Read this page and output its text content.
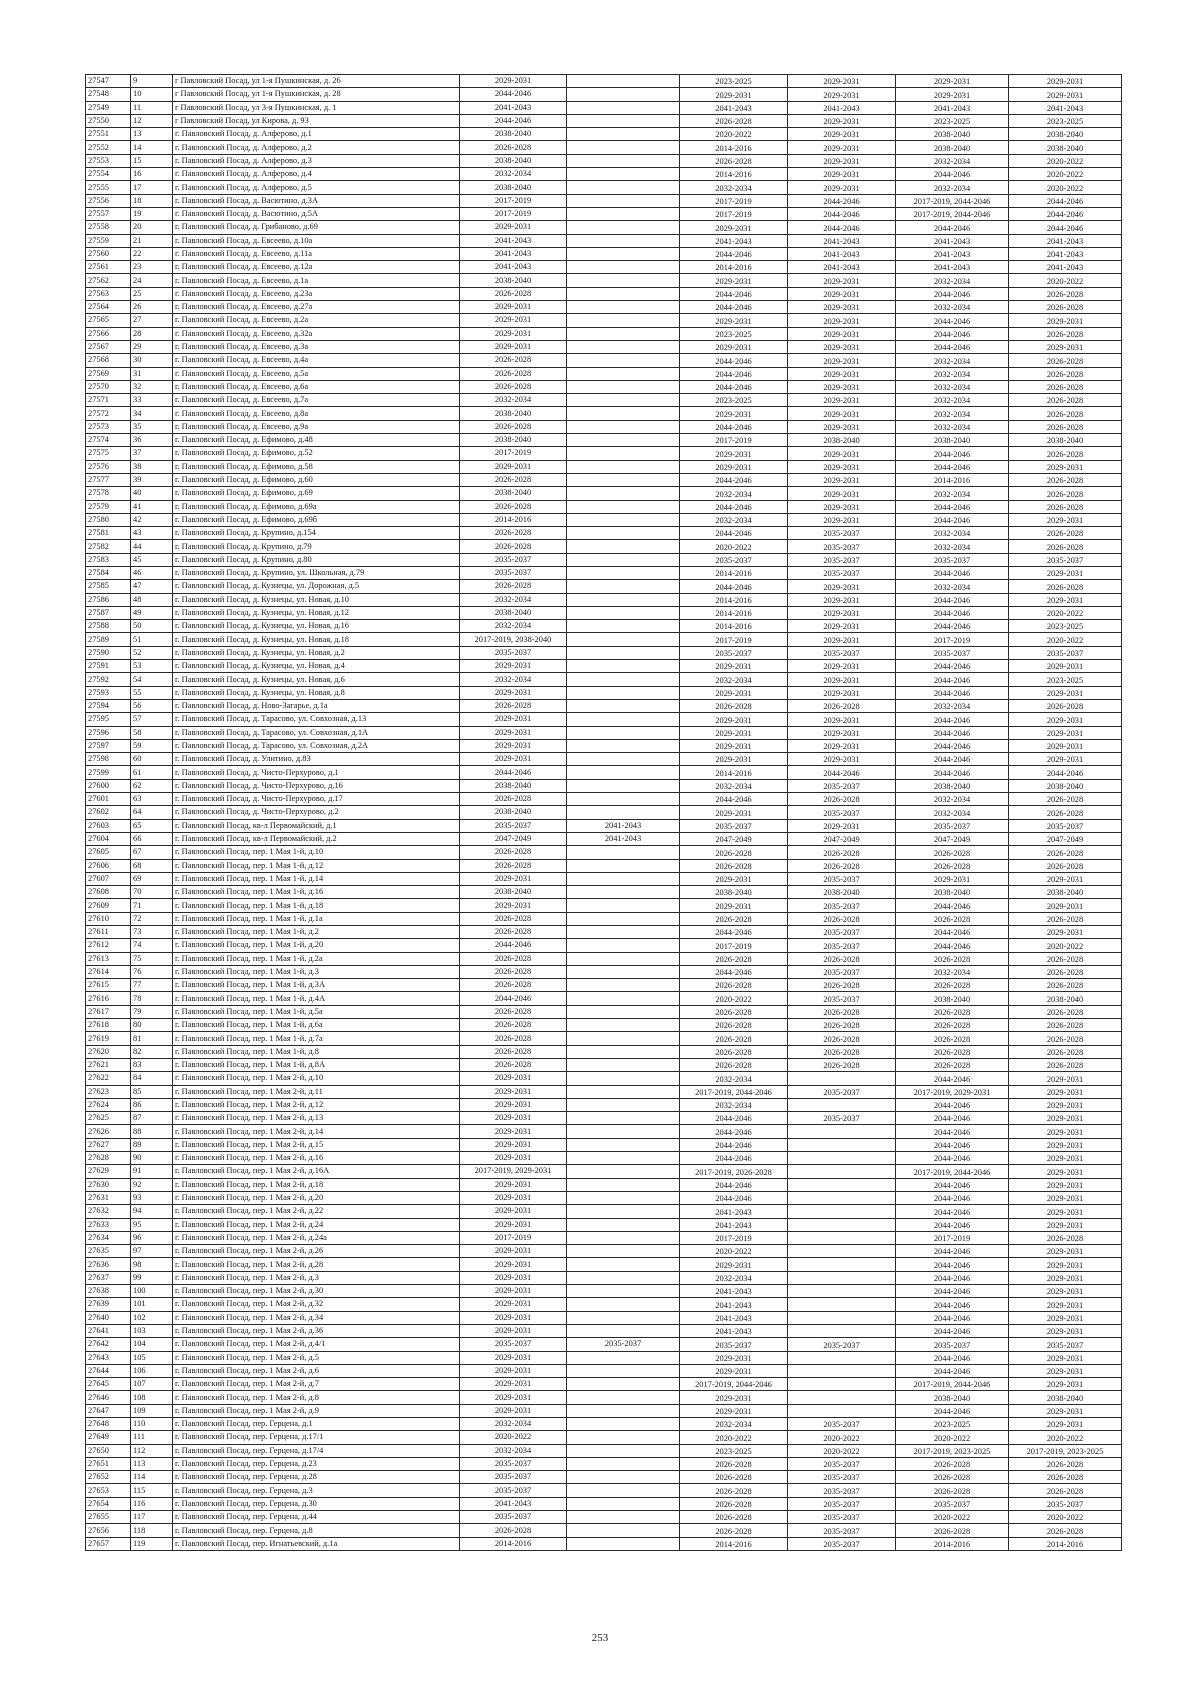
27547	9	г Павловский Посад, ул 1-я Пушкинская, д. 26	2029-2031		2023-2025	2029-2031	2029-2031	2029-2031
27548	10	г Павловский Посад, ул 1-я Пушкинская, д. 28	2044-2046		2029-2031	2029-2031	2029-2031	2029-2031
27549	11	г Павловский Посад, ул 3-я Пушкинская, д. 1	2041-2043		2041-2043	2041-2043	2041-2043	2041-2043
27550	12	г Павловский Посад, ул Кирова, д. 93	2044-2046		2026-2028	2029-2031	2023-2025	2023-2025
27551	13	г. Павловский Посад, д. Алферово, д.1	2038-2040		2020-2022	2029-2031	2038-2040	2038-2040
27552	14	г. Павловский Посад, д. Алферово, д.2	2026-2028		2014-2016	2029-2031	2038-2040	2038-2040
27553	15	г. Павловский Посад, д. Алферово, д.3	2038-2040		2026-2028	2029-2031	2032-2034	2020-2022
27554	16	г. Павловский Посад, д. Алферово, д.4	2032-2034		2014-2016	2029-2031	2044-2046	2020-2022
27555	17	г. Павловский Посад, д. Алферово, д.5	2038-2040		2032-2034	2029-2031	2032-2034	2020-2022
27556	18	г. Павловский Посад, д. Васютино, д.3А	2017-2019		2017-2019	2044-2046	2017-2019, 2044-2046	2044-2046
27557	19	г. Павловский Посад, д. Васютино, д.5А	2017-2019		2017-2019	2044-2046	2017-2019, 2044-2046	2044-2046
27558	20	г. Павловский Посад, д. Грибаново, д.69	2029-2031		2029-2031	2044-2046	2044-2046	2044-2046
27559	21	г. Павловский Посад, д. Евсеево, д.10а	2041-2043		2041-2043	2041-2043	2041-2043	2041-2043
27560	22	г. Павловский Посад, д. Евсеево, д.11а	2041-2043		2044-2046	2041-2043	2041-2043	2041-2043
27561	23	г. Павловский Посад, д. Евсеево, д.12а	2041-2043		2014-2016	2041-2043	2041-2043	2041-2043
27562	24	г. Павловский Посад, д. Евсеево, д.1а	2038-2040		2029-2031	2029-2031	2032-2034	2020-2022
27563	25	г. Павловский Посад, д. Евсеево, д.23а	2026-2028		2044-2046	2029-2031	2044-2046	2026-2028
27564	26	г. Павловский Посад, д. Евсеево, д.27а	2029-2031		2044-2046	2029-2031	2032-2034	2026-2028
27565	27	г. Павловский Посад, д. Евсеево, д.2а	2029-2031		2029-2031	2029-2031	2044-2046	2029-2031
27566	28	г. Павловский Посад, д. Евсеево, д.32а	2029-2031		2023-2025	2029-2031	2044-2046	2026-2028
27567	29	г. Павловский Посад, д. Евсеево, д.3а	2029-2031		2029-2031	2029-2031	2044-2046	2029-2031
27568	30	г. Павловский Посад, д. Евсеево, д.4а	2026-2028		2044-2046	2029-2031	2032-2034	2026-2028
27569	31	г. Павловский Посад, д. Евсеево, д.5а	2026-2028		2044-2046	2029-2031	2032-2034	2026-2028
27570	32	г. Павловский Посад, д. Евсеево, д.6а	2026-2028		2044-2046	2029-2031	2032-2034	2026-2028
27571	33	г. Павловский Посад, д. Евсеево, д.7а	2032-2034		2023-2025	2029-2031	2032-2034	2026-2028
27572	34	г. Павловский Посад, д. Евсеево, д.8а	2038-2040		2029-2031	2029-2031	2032-2034	2026-2028
27573	35	г. Павловский Посад, д. Евсеево, д.9а	2026-2028		2044-2046	2029-2031	2032-2034	2026-2028
27574	36	г. Павловский Посад, д. Ефимово, д.48	2038-2040		2017-2019	2038-2040	2038-2040	2038-2040
27575	37	г. Павловский Посад, д. Ефимово, д.52	2017-2019		2029-2031	2029-2031	2044-2046	2026-2028
27576	38	г. Павловский Посад, д. Ефимово, д.58	2029-2031		2029-2031	2029-2031	2044-2046	2029-2031
27577	39	г. Павловский Посад, д. Ефимово, д.60	2026-2028		2044-2046	2029-2031	2014-2016	2026-2028
27578	40	г. Павловский Посад, д. Ефимово, д.69	2038-2040		2032-2034	2029-2031	2032-2034	2026-2028
27579	41	г. Павловский Посад, д. Ефимово, д.69а	2026-2028		2044-2046	2029-2031	2044-2046	2026-2028
27580	42	г. Павловский Посад, д. Ефимово, д.69б	2014-2016		2032-2034	2029-2031	2044-2046	2029-2031
27581	43	г. Павловский Посад, д. Крупино, д.154	2026-2028		2044-2046	2035-2037	2032-2034	2026-2028
27582	44	г. Павловский Посад, д. Крупино, д.79	2026-2028		2020-2022	2035-2037	2032-2034	2026-2028
27583	45	г. Павловский Посад, д. Крупино, д.80	2035-2037		2035-2037	2035-2037	2035-2037	2035-2037
27584	46	г. Павловский Посад, д. Крупино, ул. Школьная, д.79	2035-2037		2014-2016	2035-2037	2044-2046	2029-2031
27585	47	г. Павловский Посад, д. Кузнецы, ул. Дорожная, д.5	2026-2028		2044-2046	2029-2031	2032-2034	2026-2028
27586	48	г. Павловский Посад, д. Кузнецы, ул. Новая, д.10	2032-2034		2014-2016	2029-2031	2044-2046	2029-2031
27587	49	г. Павловский Посад, д. Кузнецы, ул. Новая, д.12	2038-2040		2014-2016	2029-2031	2044-2046	2020-2022
27588	50	г. Павловский Посад, д. Кузнецы, ул. Новая, д.16	2032-2034		2014-2016	2029-2031	2044-2046	2023-2025
27589	51	г. Павловский Посад, д. Кузнецы, ул. Новая, д.18	2017-2019, 2038-2040		2017-2019	2029-2031	2017-2019	2020-2022
27590	52	г. Павловский Посад, д. Кузнецы, ул. Новая, д.2	2035-2037		2035-2037	2035-2037	2035-2037	2035-2037
27591	53	г. Павловский Посад, д. Кузнецы, ул. Новая, д.4	2029-2031		2029-2031	2029-2031	2044-2046	2029-2031
27592	54	г. Павловский Посад, д. Кузнецы, ул. Новая, д.6	2032-2034		2032-2034	2029-2031	2044-2046	2023-2025
27593	55	г. Павловский Посад, д. Кузнецы, ул. Новая, д.8	2029-2031		2029-2031	2029-2031	2044-2046	2029-2031
27594	56	г. Павловский Посад, д. Ново-Загарье, д.1а	2026-2028		2026-2028	2026-2028	2032-2034	2026-2028
27595	57	г. Павловский Посад, д. Тарасово, ул. Совхозная, д.13	2029-2031		2029-2031	2029-2031	2044-2046	2029-2031
27596	58	г. Павловский Посад, д. Тарасово, ул. Совхозная, д.1А	2029-2031		2029-2031	2029-2031	2044-2046	2029-2031
27597	59	г. Павловский Посад, д. Тарасово, ул. Совхозная, д.2А	2029-2031		2029-2031	2029-2031	2044-2046	2029-2031
27598	60	г. Павловский Посад, д. Улитино, д.83	2029-2031		2029-2031	2029-2031	2044-2046	2029-2031
27599	61	г. Павловский Посад, д. Чисто-Перхурово, д.1	2044-2046		2014-2016	2044-2046	2044-2046	2044-2046
27600	62	г. Павловский Посад, д. Чисто-Перхурово, д.16	2038-2040		2032-2034	2035-2037	2038-2040	2038-2040
27601	63	г. Павловский Посад, д. Чисто-Перхурово, д.17	2026-2028		2044-2046	2026-2028	2032-2034	2026-2028
27602	64	г. Павловский Посад, д. Чисто-Перхурово, д.2	2038-2040		2029-2031	2035-2037	2032-2034	2026-2028
27603	65	г. Павловский Посад, кв-л Первомайский, д.1	2035-2037	2041-2043	2035-2037	2029-2031	2035-2037	2035-2037
27604	66	г. Павловский Посад, кв-л Первомайский, д.2	2047-2049	2041-2043	2047-2049	2047-2049	2047-2049	2047-2049
27605	67	г. Павловский Посад, пер. 1 Мая 1-й, д.10	2026-2028		2026-2028	2026-2028	2026-2028	2026-2028
27606	68	г. Павловский Посад, пер. 1 Мая 1-й, д.12	2026-2028		2026-2028	2026-2028	2026-2028	2026-2028
27607	69	г. Павловский Посад, пер. 1 Мая 1-й, д.14	2029-2031		2029-2031	2035-2037	2029-2031	2029-2031
27608	70	г. Павловский Посад, пер. 1 Мая 1-й, д.16	2038-2040		2038-2040	2038-2040	2038-2040	2038-2040
27609	71	г. Павловский Посад, пер. 1 Мая 1-й, д.18	2029-2031		2029-2031	2035-2037	2044-2046	2029-2031
27610	72	г. Павловский Посад, пер. 1 Мая 1-й, д.1а	2026-2028		2026-2028	2026-2028	2026-2028	2026-2028
27611	73	г. Павловский Посад, пер. 1 Мая 1-й, д.2	2026-2028		2044-2046	2035-2037	2044-2046	2029-2031
27612	74	г. Павловский Посад, пер. 1 Мая 1-й, д.20	2044-2046		2017-2019	2035-2037	2044-2046	2020-2022
27613	75	г. Павловский Посад, пер. 1 Мая 1-й, д.2а	2026-2028		2026-2028	2026-2028	2026-2028	2026-2028
27614	76	г. Павловский Посад, пер. 1 Мая 1-й, д.3	2026-2028		2044-2046	2035-2037	2032-2034	2026-2028
27615	77	г. Павловский Посад, пер. 1 Мая 1-й, д.3А	2026-2028		2026-2028	2026-2028	2026-2028	2026-2028
27616	78	г. Павловский Посад, пер. 1 Мая 1-й, д.4А	2044-2046		2020-2022	2035-2037	2038-2040	2038-2040
27617	79	г. Павловский Посад, пер. 1 Мая 1-й, д.5а	2026-2028		2026-2028	2026-2028	2026-2028	2026-2028
27618	80	г. Павловский Посад, пер. 1 Мая 1-й, д.6а	2026-2028		2026-2028	2026-2028	2026-2028	2026-2028
27619	81	г. Павловский Посад, пер. 1 Мая 1-й, д.7а	2026-2028		2026-2028	2026-2028	2026-2028	2026-2028
27620	82	г. Павловский Посад, пер. 1 Мая 1-й, д.8	2026-2028		2026-2028	2026-2028	2026-2028	2026-2028
27621	83	г. Павловский Посад, пер. 1 Мая 1-й, д.8А	2026-2028		2026-2028	2026-2028	2026-2028	2026-2028
27622	84	г. Павловский Посад, пер. 1 Мая 2-й, д.10	2029-2031		2032-2034		2044-2046	2029-2031
27623	85	г. Павловский Посад, пер. 1 Мая 2-й, д.11	2029-2031		2017-2019, 2044-2046	2035-2037	2017-2019, 2029-2031	2029-2031
27624	86	г. Павловский Посад, пер. 1 Мая 2-й, д.12	2029-2031		2032-2034		2044-2046	2029-2031
27625	87	г. Павловский Посад, пер. 1 Мая 2-й, д.13	2029-2031		2044-2046	2035-2037	2044-2046	2029-2031
27626	88	г. Павловский Посад, пер. 1 Мая 2-й, д.14	2029-2031		2044-2046		2044-2046	2029-2031
27627	89	г. Павловский Посад, пер. 1 Мая 2-й, д.15	2029-2031		2044-2046		2044-2046	2029-2031
27628	90	г. Павловский Посад, пер. 1 Мая 2-й, д.16	2029-2031		2044-2046		2044-2046	2029-2031
27629	91	г. Павловский Посад, пер. 1 Мая 2-й, д.16А	2017-2019, 2029-2031		2017-2019, 2026-2028		2017-2019, 2044-2046	2029-2031
27630	92	г. Павловский Посад, пер. 1 Мая 2-й, д.18	2029-2031		2044-2046		2044-2046	2029-2031
27631	93	г. Павловский Посад, пер. 1 Мая 2-й, д.20	2029-2031		2044-2046		2044-2046	2029-2031
27632	94	г. Павловский Посад, пер. 1 Мая 2-й, д.22	2029-2031		2041-2043		2044-2046	2029-2031
27633	95	г. Павловский Посад, пер. 1 Мая 2-й, д.24	2029-2031		2041-2043		2044-2046	2029-2031
27634	96	г. Павловский Посад, пер. 1 Мая 2-й, д.24а	2017-2019		2017-2019		2017-2019	2026-2028
27635	97	г. Павловский Посад, пер. 1 Мая 2-й, д.26	2029-2031		2020-2022		2044-2046	2029-2031
27636	98	г. Павловский Посад, пер. 1 Мая 2-й, д.28	2029-2031		2029-2031		2044-2046	2029-2031
27637	99	г. Павловский Посад, пер. 1 Мая 2-й, д.3	2029-2031		2032-2034		2044-2046	2029-2031
27638	100	г. Павловский Посад, пер. 1 Мая 2-й, д.30	2029-2031		2041-2043		2044-2046	2029-2031
27639	101	г. Павловский Посад, пер. 1 Мая 2-й, д.32	2029-2031		2041-2043		2044-2046	2029-2031
27640	102	г. Павловский Посад, пер. 1 Мая 2-й, д.34	2029-2031		2041-2043		2044-2046	2029-2031
27641	103	г. Павловский Посад, пер. 1 Мая 2-й, д.36	2029-2031		2041-2043		2044-2046	2029-2031
27642	104	г. Павловский Посад, пер. 1 Мая 2-й, д.4/1	2035-2037	2035-2037	2035-2037	2035-2037	2035-2037	2035-2037
27643	105	г. Павловский Посад, пер. 1 Мая 2-й, д.5	2029-2031		2029-2031		2044-2046	2029-2031
27644	106	г. Павловский Посад, пер. 1 Мая 2-й, д.6	2029-2031		2029-2031		2044-2046	2029-2031
27645	107	г. Павловский Посад, пер. 1 Мая 2-й, д.7	2029-2031		2017-2019, 2044-2046		2017-2019, 2044-2046	2029-2031
27646	108	г. Павловский Посад, пер. 1 Мая 2-й, д.8	2029-2031		2029-2031		2038-2040	2038-2040
27647	109	г. Павловский Посад, пер. 1 Мая 2-й, д.9	2029-2031		2029-2031		2044-2046	2029-2031
27648	110	г. Павловский Посад, пер. Герцена, д.1	2032-2034		2032-2034	2035-2037	2023-2025	2029-2031
27649	111	г. Павловский Посад, пер. Герцена, д.17/1	2020-2022		2020-2022	2020-2022	2020-2022	2020-2022
27650	112	г. Павловский Посад, пер. Герцена, д.17/4	2032-2034		2023-2025	2020-2022	2017-2019, 2023-2025	2017-2019, 2023-2025
27651	113	г. Павловский Посад, пер. Герцена, д.23	2035-2037		2026-2028	2035-2037	2026-2028	2026-2028
27652	114	г. Павловский Посад, пер. Герцена, д.28	2035-2037		2026-2028	2035-2037	2026-2028	2026-2028
27653	115	г. Павловский Посад, пер. Герцена, д.3	2035-2037		2026-2028	2035-2037	2026-2028	2026-2028
27654	116	г. Павловский Посад, пер. Герцена, д.30	2041-2043		2026-2028	2035-2037	2035-2037	2035-2037
27655	117	г. Павловский Посад, пер. Герцена, д.44	2035-2037		2026-2028	2035-2037	2020-2022	2020-2022
27656	118	г. Павловский Посад, пер. Герцена, д.8	2026-2028		2026-2028	2035-2037	2026-2028	2026-2028
27657	119	г. Павловский Посад, пер. Игнатьевский, д.1а	2014-2016		2014-2016	2035-2037	2014-2016	2014-2016
253
